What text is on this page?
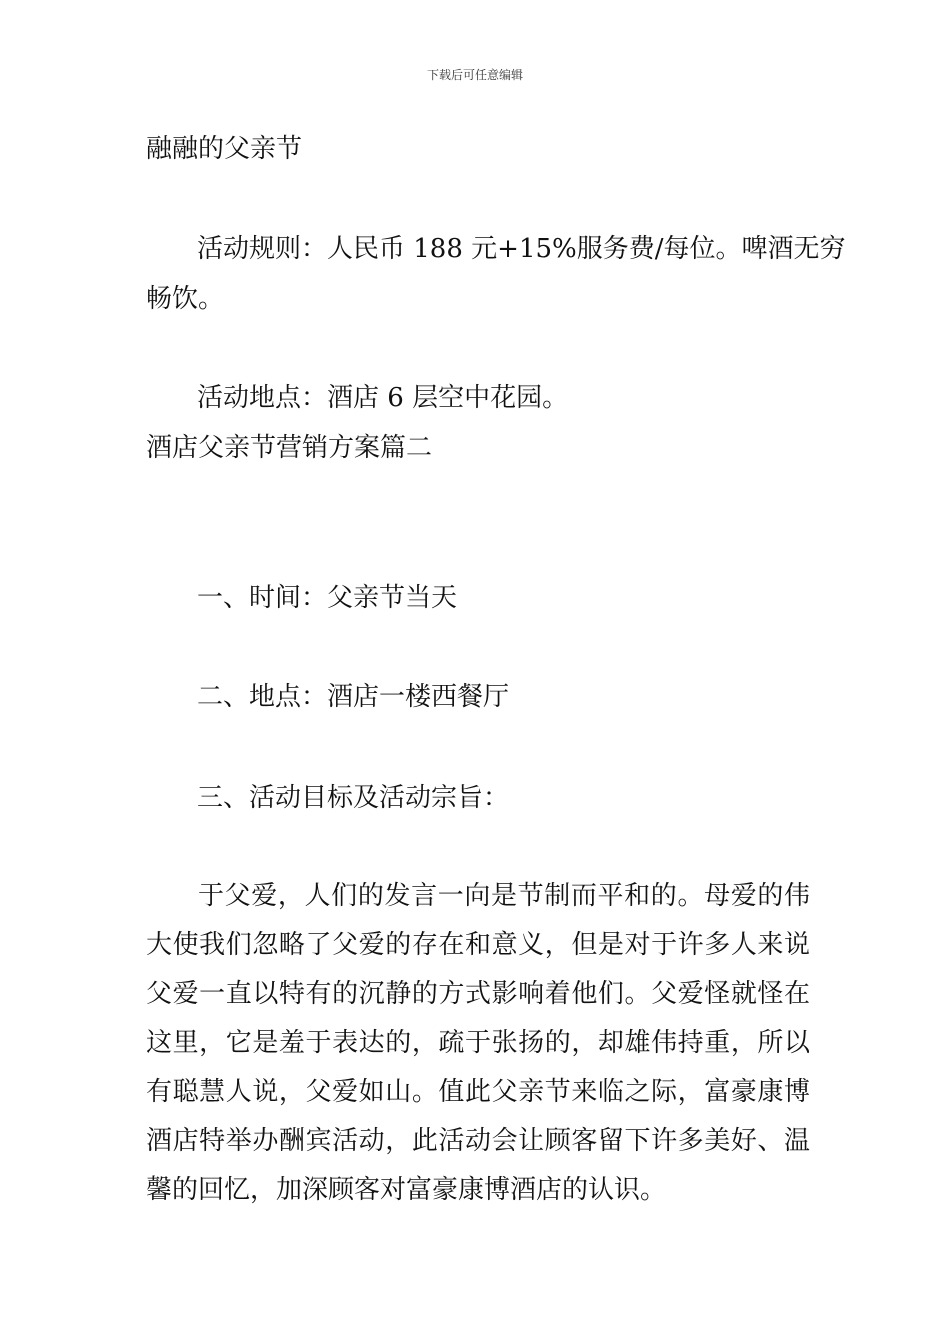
下载后可任意编辑
融融的父亲节
活动规则：人民币 188 元+15%服务费/每位。啤酒无穷
畅饮。
活动地点：酒店 6 层空中花园。
酒店父亲节营销方案篇二
一、时间：父亲节当天
二、地点：酒店一楼西餐厅
三、活动目标及活动宗旨：
于父爱，人们的发言一向是节制而平和的。母爱的伟大使我们忽略了父爱的存在和意义，但是对于许多人来说父爱一直以特有的沉静的方式影响着他们。父爱怪就怪在这里，它是羞于表达的，疏于张扬的，却雄伟持重，所以有聪慧人说，父爱如山。值此父亲节来临之际，富豪康博酒店特举办酬宾活动，此活动会让顾客留下许多美好、温馨的回忆，加深顾客对富豪康博酒店的认识。
